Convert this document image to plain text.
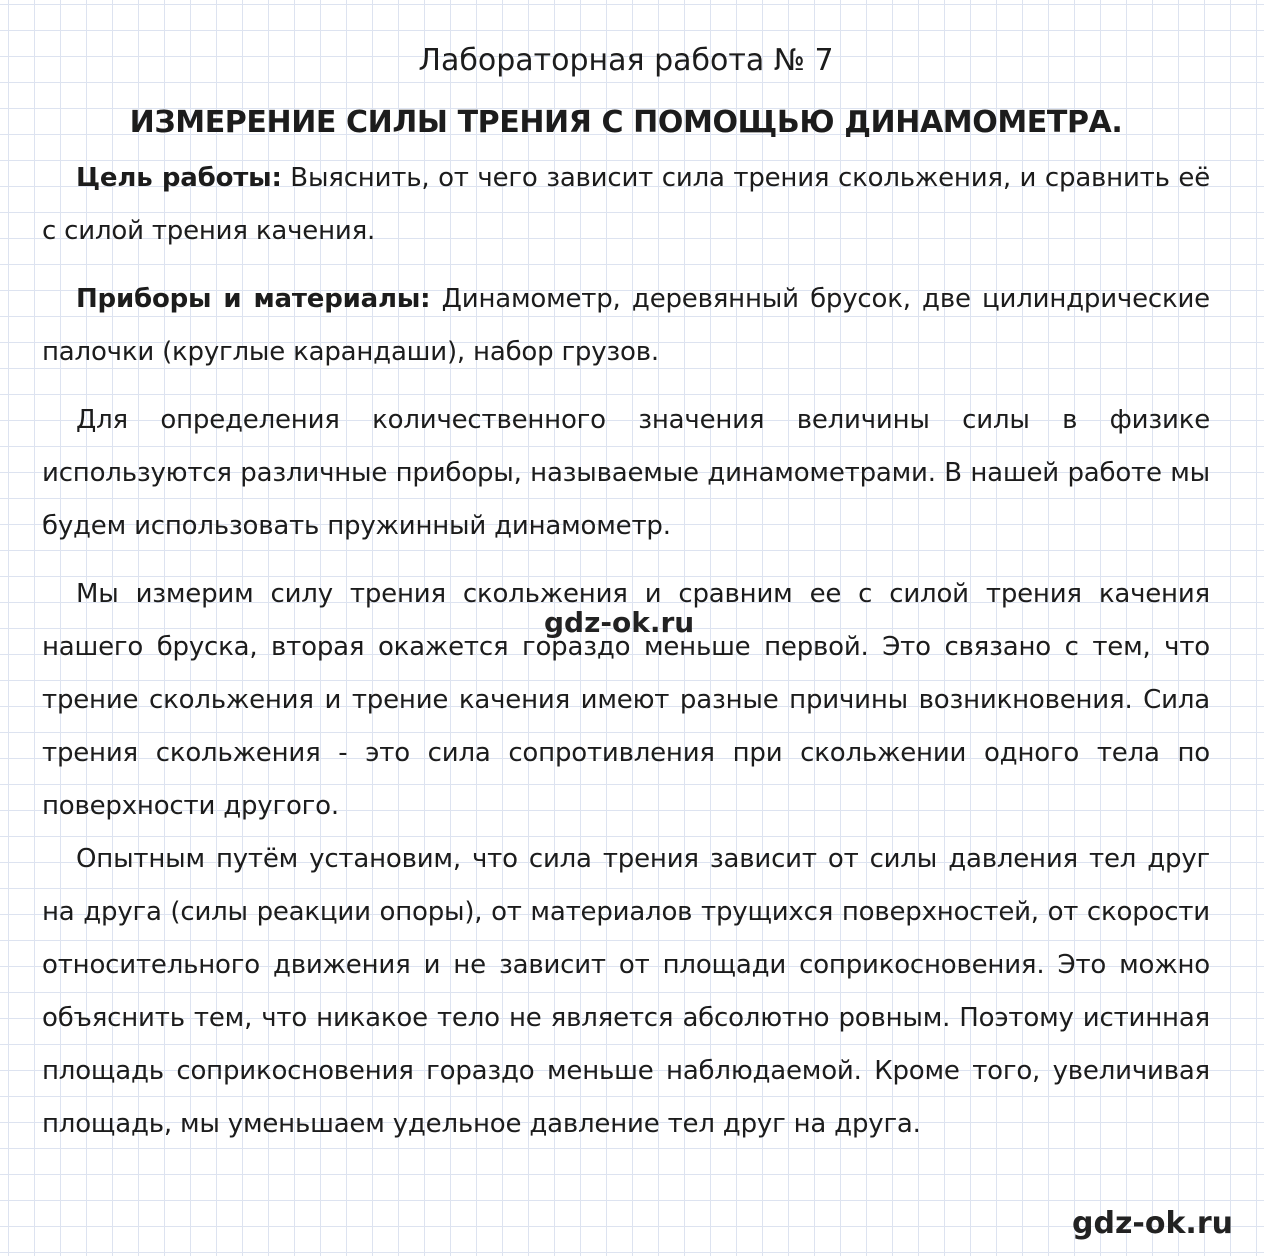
Лабораторная работа № 7
ИЗМЕРЕНИЕ СИЛЫ ТРЕНИЯ С ПОМОЩЬЮ ДИНАМОМЕТРА.

Цель работы: Выяснить, от чего зависит сила трения скольжения, и сравнить её с силой трения качения.

Приборы и материалы: Динамометр, деревянный брусок, две цилиндрические палочки (круглые карандаши), набор грузов.

Для определения количественного значения величины силы в физике используются различные приборы, называемые динамометрами. В нашей работе мы будем использовать пружинный динамометр.

Мы измерим силу трения скольжения и сравним ее с силой трения качения нашего бруска, вторая окажется гораздо меньше первой. Это связано с тем, что трение скольжения и трение качения имеют разные причины возникновения. Сила трения скольжения - это сила сопротивления при скольжении одного тела по поверхности другого.

Опытным путём установим, что сила трения зависит от силы давления тел друг на друга (силы реакции опоры), от материалов трущихся поверхностей, от скорости относительного движения и не зависит от площади соприкосновения. Это можно объяснить тем, что никакое тело не является абсолютно ровным. Поэтому истинная площадь соприкосновения гораздо меньше наблюдаемой. Кроме того, увеличивая площадь, мы уменьшаем удельное давление тел друг на друга.

gdz-ok.ru
gdz-ok.ru
